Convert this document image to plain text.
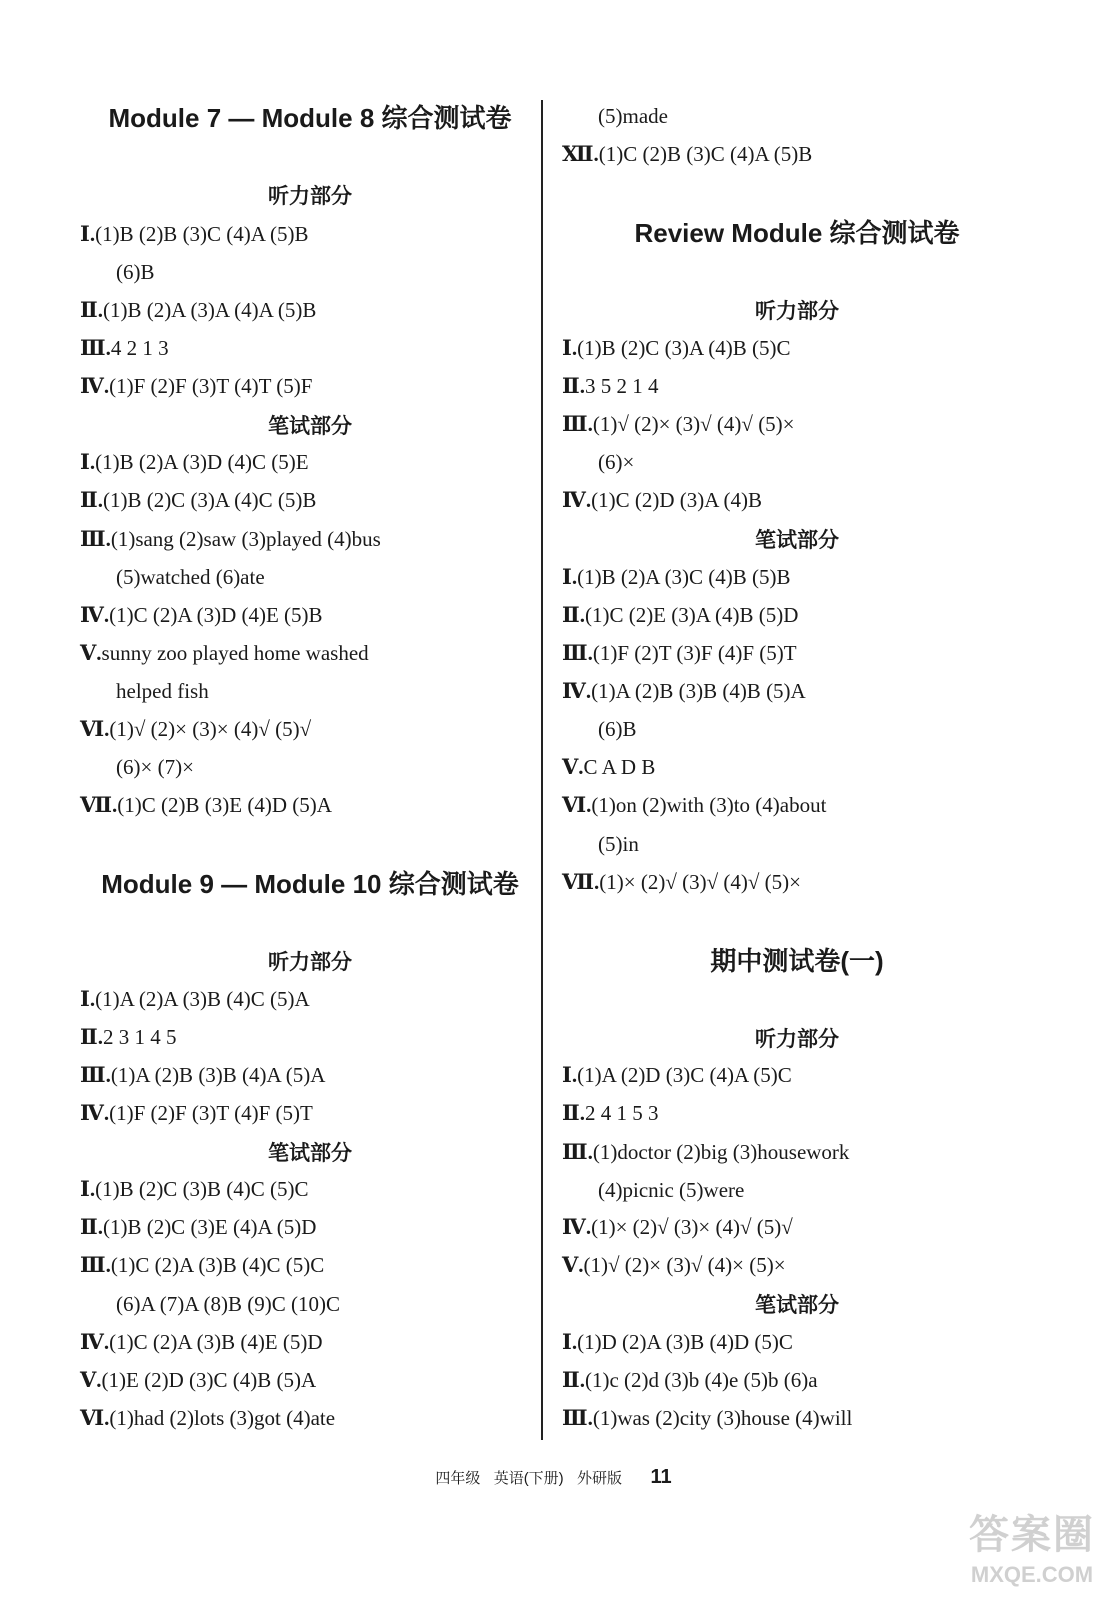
Module 7 — Module 8 综合测试卷
听力部分
Ⅰ.(1)B (2)B (3)C (4)A (5)B
(6)B
Ⅱ.(1)B (2)A (3)A (4)A (5)B
Ⅲ.4 2 1 3
Ⅳ.(1)F (2)F (3)T (4)T (5)F
笔试部分
Ⅰ.(1)B (2)A (3)D (4)C (5)E
Ⅱ.(1)B (2)C (3)A (4)C (5)B
Ⅲ.(1)sang (2)saw (3)played (4)bus
(5)watched (6)ate
Ⅳ.(1)C (2)A (3)D (4)E (5)B
Ⅴ.sunny zoo played home washed
helped fish
Ⅵ.(1)√ (2)× (3)× (4)√ (5)√
(6)× (7)×
Ⅶ.(1)C (2)B (3)E (4)D (5)A
Module 9 — Module 10 综合测试卷
听力部分
Ⅰ.(1)A (2)A (3)B (4)C (5)A
Ⅱ.2 3 1 4 5
Ⅲ.(1)A (2)B (3)B (4)A (5)A
Ⅳ.(1)F (2)F (3)T (4)F (5)T
笔试部分
Ⅰ.(1)B (2)C (3)B (4)C (5)C
Ⅱ.(1)B (2)C (3)E (4)A (5)D
Ⅲ.(1)C (2)A (3)B (4)C (5)C
(6)A (7)A (8)B (9)C (10)C
Ⅳ.(1)C (2)A (3)B (4)E (5)D
Ⅴ.(1)E (2)D (3)C (4)B (5)A
Ⅵ.(1)had (2)lots (3)got (4)ate
(5)made
Ⅻ.(1)C (2)B (3)C (4)A (5)B
Review Module 综合测试卷
听力部分
Ⅰ.(1)B (2)C (3)A (4)B (5)C
Ⅱ.3 5 2 1 4
Ⅲ.(1)√ (2)× (3)√ (4)√ (5)×
(6)×
Ⅳ.(1)C (2)D (3)A (4)B
笔试部分
Ⅰ.(1)B (2)A (3)C (4)B (5)B
Ⅱ.(1)C (2)E (3)A (4)B (5)D
Ⅲ.(1)F (2)T (3)F (4)F (5)T
Ⅳ.(1)A (2)B (3)B (4)B (5)A
(6)B
Ⅴ.C A D B
Ⅵ.(1)on (2)with (3)to (4)about
(5)in
Ⅶ.(1)× (2)√ (3)√ (4)√ (5)×
期中测试卷(一)
听力部分
Ⅰ.(1)A (2)D (3)C (4)A (5)C
Ⅱ.2 4 1 5 3
Ⅲ.(1)doctor (2)big (3)housework
(4)picnic (5)were
Ⅳ.(1)× (2)√ (3)× (4)√ (5)√
Ⅴ.(1)√ (2)× (3)√ (4)× (5)×
笔试部分
Ⅰ.(1)D (2)A (3)B (4)D (5)C
Ⅱ.(1)c (2)d (3)b (4)e (5)b (6)a
Ⅲ.(1)was (2)city (3)house (4)will
四年级 英语(下册) 外研版 11
答案圈
MXQE.COM
